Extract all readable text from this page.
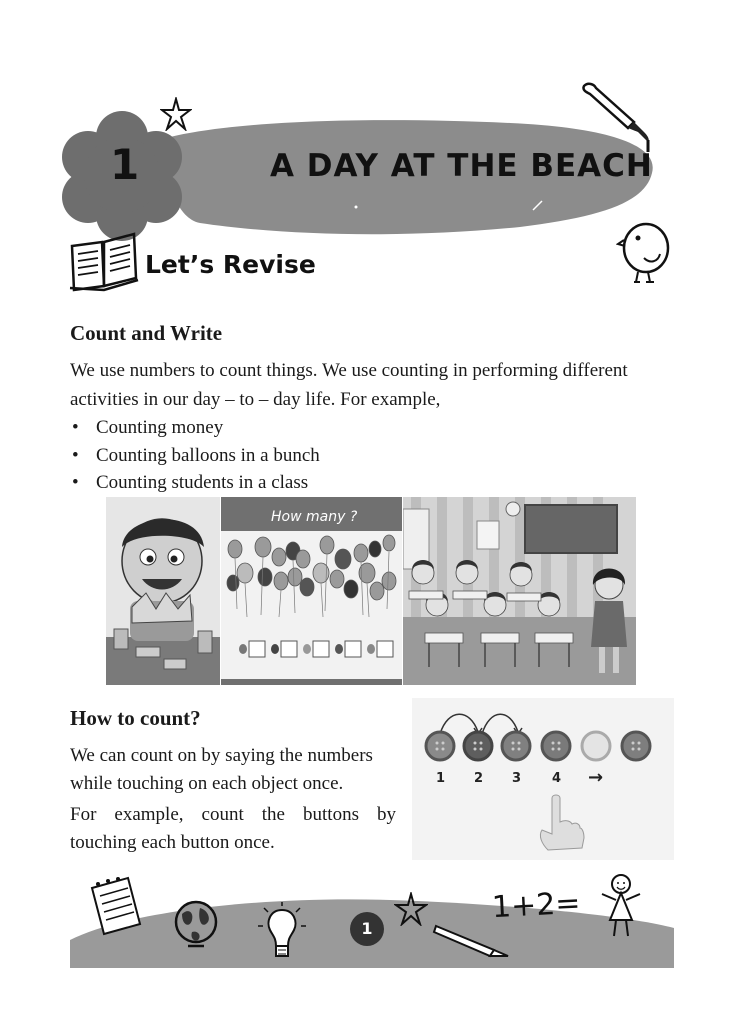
1	A DAY AT THE BEACH
Let’s Revise
Count and Write

We use numbers to count things. We use counting in performing different

activities in our day – to – day life. For example,

• Counting money
• Counting balloons in a bunch
• Counting students in a class
How many ?
How to count?

We can count on by saying the numbers

while touching on each object once.

For example, count the buttons by

touching each button once.

1 2 3 4 →
1
1+2=
